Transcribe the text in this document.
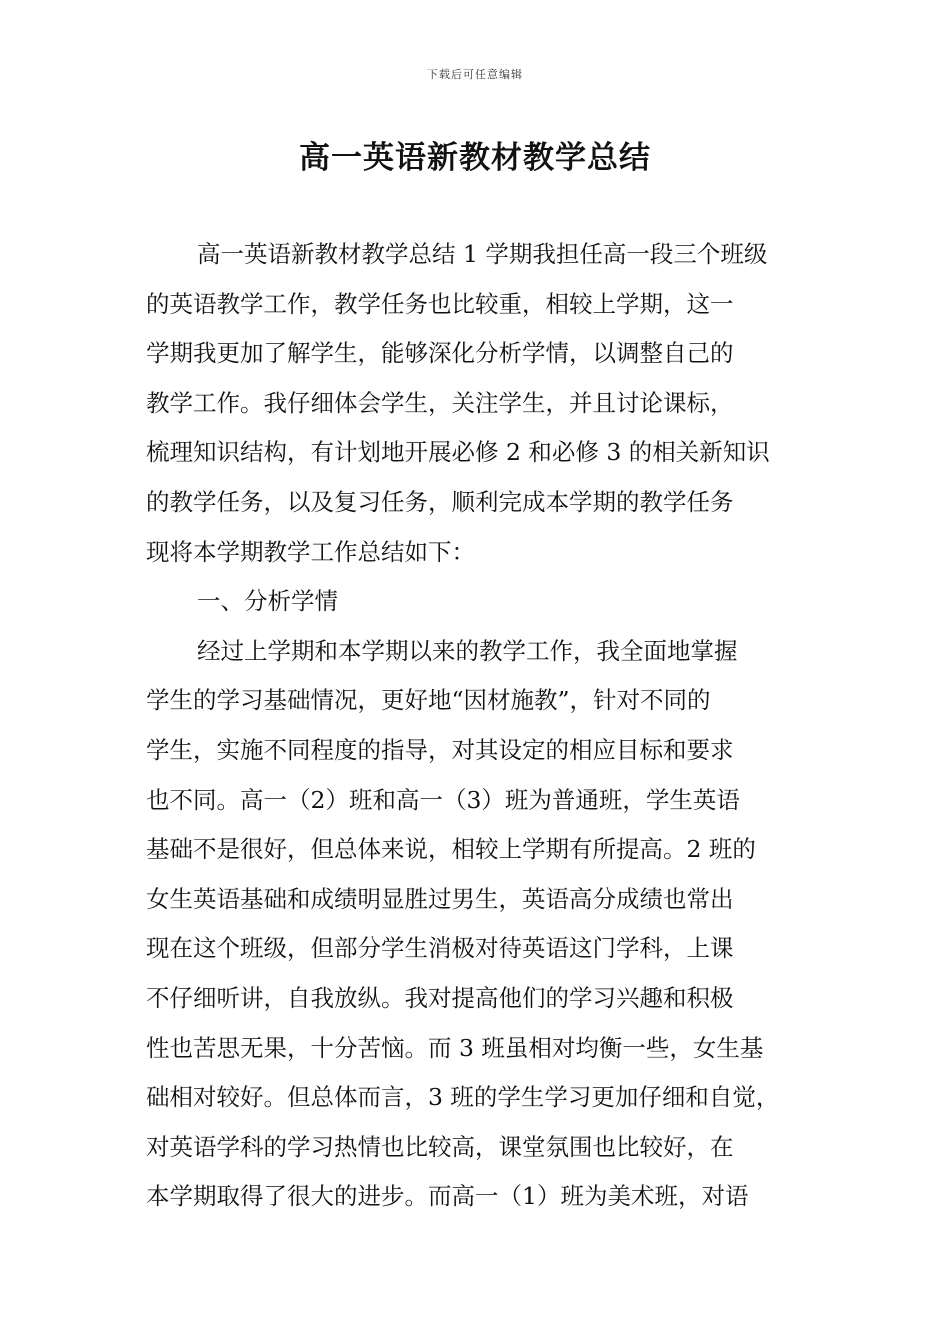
下载后可任意编辑
高一英语新教材教学总结
高一英语新教材教学总结 1 学期我担任高一段三个班级
的英语教学工作，教学任务也比较重，相较上学期，这一
学期我更加了解学生，能够深化分析学情，以调整自己的
教学工作。我仔细体会学生，关注学生，并且讨论课标，
梳理知识结构，有计划地开展必修 2 和必修 3 的相关新知识
的教学任务，以及复习任务，顺利完成本学期的教学任务
现将本学期教学工作总结如下：
一、分析学情
经过上学期和本学期以来的教学工作，我全面地掌握
学生的学习基础情况，更好地“因材施教”，针对不同的
学生，实施不同程度的指导，对其设定的相应目标和要求
也不同。高一（2）班和高一（3）班为普通班，学生英语
基础不是很好，但总体来说，相较上学期有所提高。2 班的
女生英语基础和成绩明显胜过男生，英语高分成绩也常出
现在这个班级，但部分学生消极对待英语这门学科，上课
不仔细听讲，自我放纵。我对提高他们的学习兴趣和积极
性也苦思无果，十分苦恼。而 3 班虽相对均衡一些，女生基
础相对较好。但总体而言，3 班的学生学习更加仔细和自觉，
对英语学科的学习热情也比较高，课堂氛围也比较好，在
本学期取得了很大的进步。而高一（1）班为美术班，对语
